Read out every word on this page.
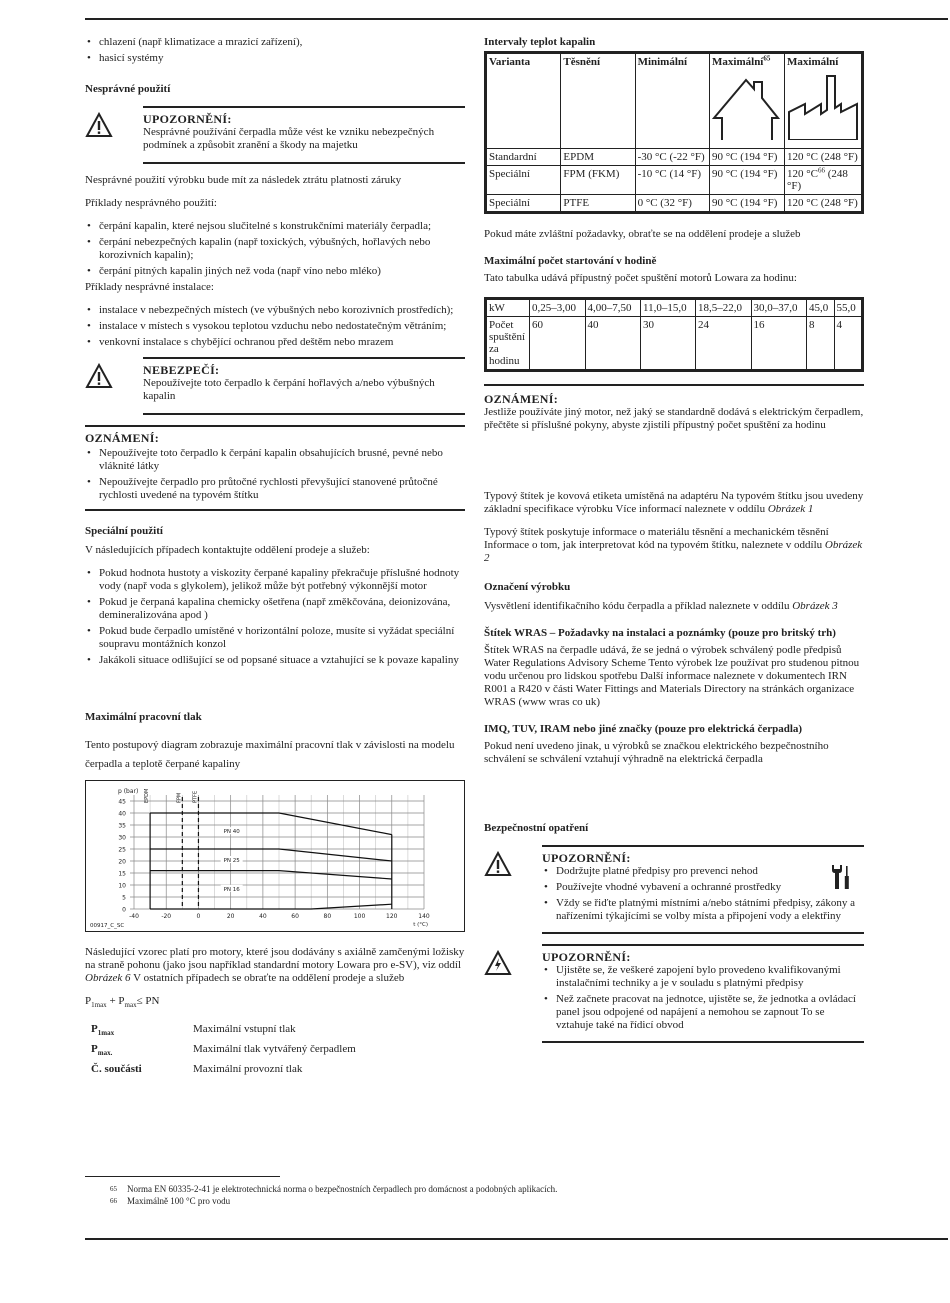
• chlazení (např klimatizace a mrazicí zařízení),
• hasicí systémy
Nesprávné použití
UPOZORNĚNÍ:
Nesprávné používání čerpadla může vést ke vzniku nebezpečných podmínek a způsobit zranění a škody na majetku

Nesprávné použití výrobku bude mít za následek ztrátu platnosti záruky

Příklady nesprávného použití:

• čerpání kapalin, které nejsou slučitelné s konstrukčními materiály čerpadla;
• čerpání nebezpečných kapalin (např toxických, výbušných, hořlavých nebo korozivních kapalin);
• čerpání pitných kapalin jiných než voda (např víno nebo mléko)

Příklady nesprávné instalace:

• instalace v nebezpečných místech (ve výbušných nebo korozivních prostředích);
• instalace v místech s vysokou teplotou vzduchu nebo nedostatečným větráním;
• venkovní instalace s chybějící ochranou před deštěm nebo mrazem
NEBEZPEČÍ:
Nepoužívejte toto čerpadlo k čerpání hořlavých a/nebo výbušných kapalin
OZNÁMENÍ:
• Nepoužívejte toto čerpadlo k čerpání kapalin obsahujících brusné, pevné nebo vláknité látky
• Nepoužívejte čerpadlo pro průtočné rychlosti převyšující stanovené průtočné rychlosti uvedené na typovém štítku
Speciální použití

V následujících případech kontaktujte oddělení prodeje a služeb:

• Pokud hodnota hustoty a viskozity čerpané kapaliny překračuje příslušné hodnoty vody (např voda s glykolem), jelikož může být potřebný výkonnější motor
• Pokud je čerpaná kapalina chemicky ošetřena (např změkčována, deionizována, demineralizována apod )
• Pokud bude čerpadlo umístěné v horizontální poloze, musíte si vyžádat speciální soupravu montážních konzol
• Jakákoli situace odlišující se od popsané situace a vztahující se k povaze kapaliny
Maximální pracovní tlak

Tento postupový diagram zobrazuje maximální pracovní tlak v závislosti na modelu čerpadla a teplotě čerpané kapaliny

0
5
10
15
20
25
30
35
40
45
-40	-20	0	20	40	60	80	100	120	140
p (bar)
t (°C)
00917_C_SC
EPDM	FPM PTFE
PN 40
PN 25
PN 16

Následující vzorec platí pro motory, které jsou dodávány s axiálně zamčenými ložisky na straně pohonu (jako jsou například standardní motory Lowara pro e-SV), viz oddíl Obrázek 6 V ostatních případech se obraťte na oddělení prodeje a služeb

$P_{1max} + P_{max}\le$ PN

$P_{1max}$	Maximální vstupní tlak
$P_{max.}$	Maximální tlak vytvářený čerpadlem
Č. součásti	Maximální provozní tlak
Intervaly teplot kapalin
Varianta	Těsnění	Minimální	Maximální$^{65}$	Maximální

Standardní	EPDM	-30 °C (-22 °F)	90 °C (194 °F)	120 °C (248 °F)
Speciální	FPM (FKM)	-10 °C (14 °F)	90 °C (194 °F)	120 $^\circ C^{66}$ (248 °F)
Speciální	PTFE	0 °C (32 °F)	90 °C (194 °F)	120 °C (248 °F)

Pokud máte zvláštní požadavky, obraťte se na oddělení prodeje a služeb

Maximální počet startování v hodině

Tato tabulka udává přípustný počet spuštění motorů Lowara za hodinu:

kW	0,25–3,00	4,00–7,50	11,0–15,0	18,5–22,0	30,0–37,0	45,0	55,0
Počet spuštění za hodinu	60	40	30	24	16	8	4
OZNÁMENÍ:
Jestliže používáte jiný motor, než jaký se standardně dodává s elektrickým čerpadlem, přečtěte si příslušné pokyny, abyste zjistili přípustný počet spuštění za hodinu

Typový štítek je kovová etiketa umístěná na adaptéru Na typovém štítku jsou uvedeny základní specifikace výrobku Více informací naleznete v oddílu Obrázek 1

Typový štítek poskytuje informace o materiálu těsnění a mechanickém těsnění Informace o tom, jak interpretovat kód na typovém štítku, naleznete v oddílu Obrázek 2

Označení výrobku

Vysvětlení identifikačního kódu čerpadla a příklad naleznete v oddílu Obrázek 3

Štítek WRAS – Požadavky na instalaci a poznámky (pouze pro britský trh)

Štítek WRAS na čerpadle udává, že se jedná o výrobek schválený podle předpisů Water Regulations Advisory Scheme Tento výrobek lze používat pro studenou pitnou vodu určenou pro lidskou spotřebu Další informace naleznete v dokumentech IRN R001 a R420 v části Water Fittings and Materials Directory na stránkách organizace WRAS (www wras co uk)

IMQ, TUV, IRAM nebo jiné značky (pouze pro elektrická čerpadla)

Pokud není uvedeno jinak, u výrobků se značkou elektrického bezpečnostního schválení se schválení vztahují výhradně na elektrická čerpadla

Bezpečnostní opatření
UPOZORNĚNÍ:
• Dodržujte platné předpisy pro prevenci nehod
• Používejte vhodné vybavení a ochranné prostředky
• Vždy se řiďte platnými místními a/nebo státními předpisy, zákony a nařízeními týkajícími se volby místa a připojení vody a elektřiny
UPOZORNĚNÍ:
• Ujistěte se, že veškeré zapojení bylo provedeno kvalifikovanými instalačními techniky a je v souladu s platnými předpisy
• Než začnete pracovat na jednotce, ujistěte se, že jednotka a ovládací panel jsou odpojené od napájení a nemohou se zapnout To se vztahuje také na řídicí obvod
65	Norma EN 60335-2-41 je elektrotechnická norma o bezpečnostních čerpadlech pro domácnost a podobných aplikacích.
66	Maximálně 100 °C pro vodu
